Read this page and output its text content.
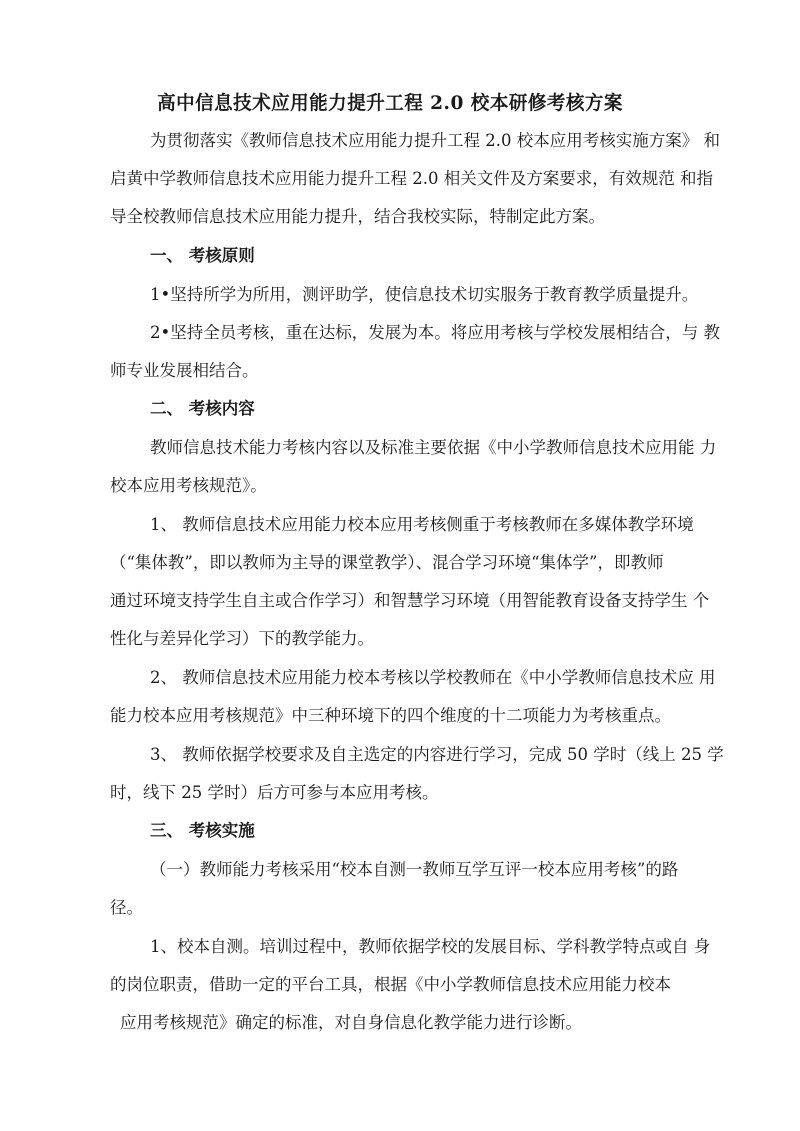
高中信息技术应用能力提升工程 2.0 校本研修考核方案
为贯彻落实《教师信息技术应用能力提升工程 2.0 校本应用考核实施方案》 和
启黄中学教师信息技术应用能力提升工程 2.0 相关文件及方案要求，有效规范 和指
导全校教师信息技术应用能力提升，结合我校实际，特制定此方案。
一、 考核原则
1•坚持所学为所用，测评助学，使信息技术切实服务于教育教学质量提升。
2•坚持全员考核，重在达标，发展为本。将应用考核与学校发展相结合，与 教
师专业发展相结合。
二、 考核内容
教师信息技术能力考核内容以及标准主要依据《中小学教师信息技术应用能 力
校本应用考核规范》。
1、 教师信息技术应用能力校本应用考核侧重于考核教师在多媒体教学环境
（“集体教”，即以教师为主导的课堂教学）、混合学习环境“集体学”，即教师
通过环境支持学生自主或合作学习）和智慧学习环境（用智能教育设备支持学生 个
性化与差异化学习）下的教学能力。
2、 教师信息技术应用能力校本考核以学校教师在《中小学教师信息技术应 用
能力校本应用考核规范》中三种环境下的四个维度的十二项能力为考核重点。
3、 教师依据学校要求及自主选定的内容进行学习，完成 50 学时（线上 25 学
时，线下 25 学时）后方可参与本应用考核。
三、 考核实施
（一）教师能力考核采用“校本自测一教师互学互评一校本应用考核”的路
径。
1、校本自测。培训过程中，教师依据学校的发展目标、学科教学特点或自 身
的岗位职责，借助一定的平台工具，根据《中小学教师信息技术应用能力校本
应用考核规范》确定的标准，对自身信息化教学能力进行诊断。
